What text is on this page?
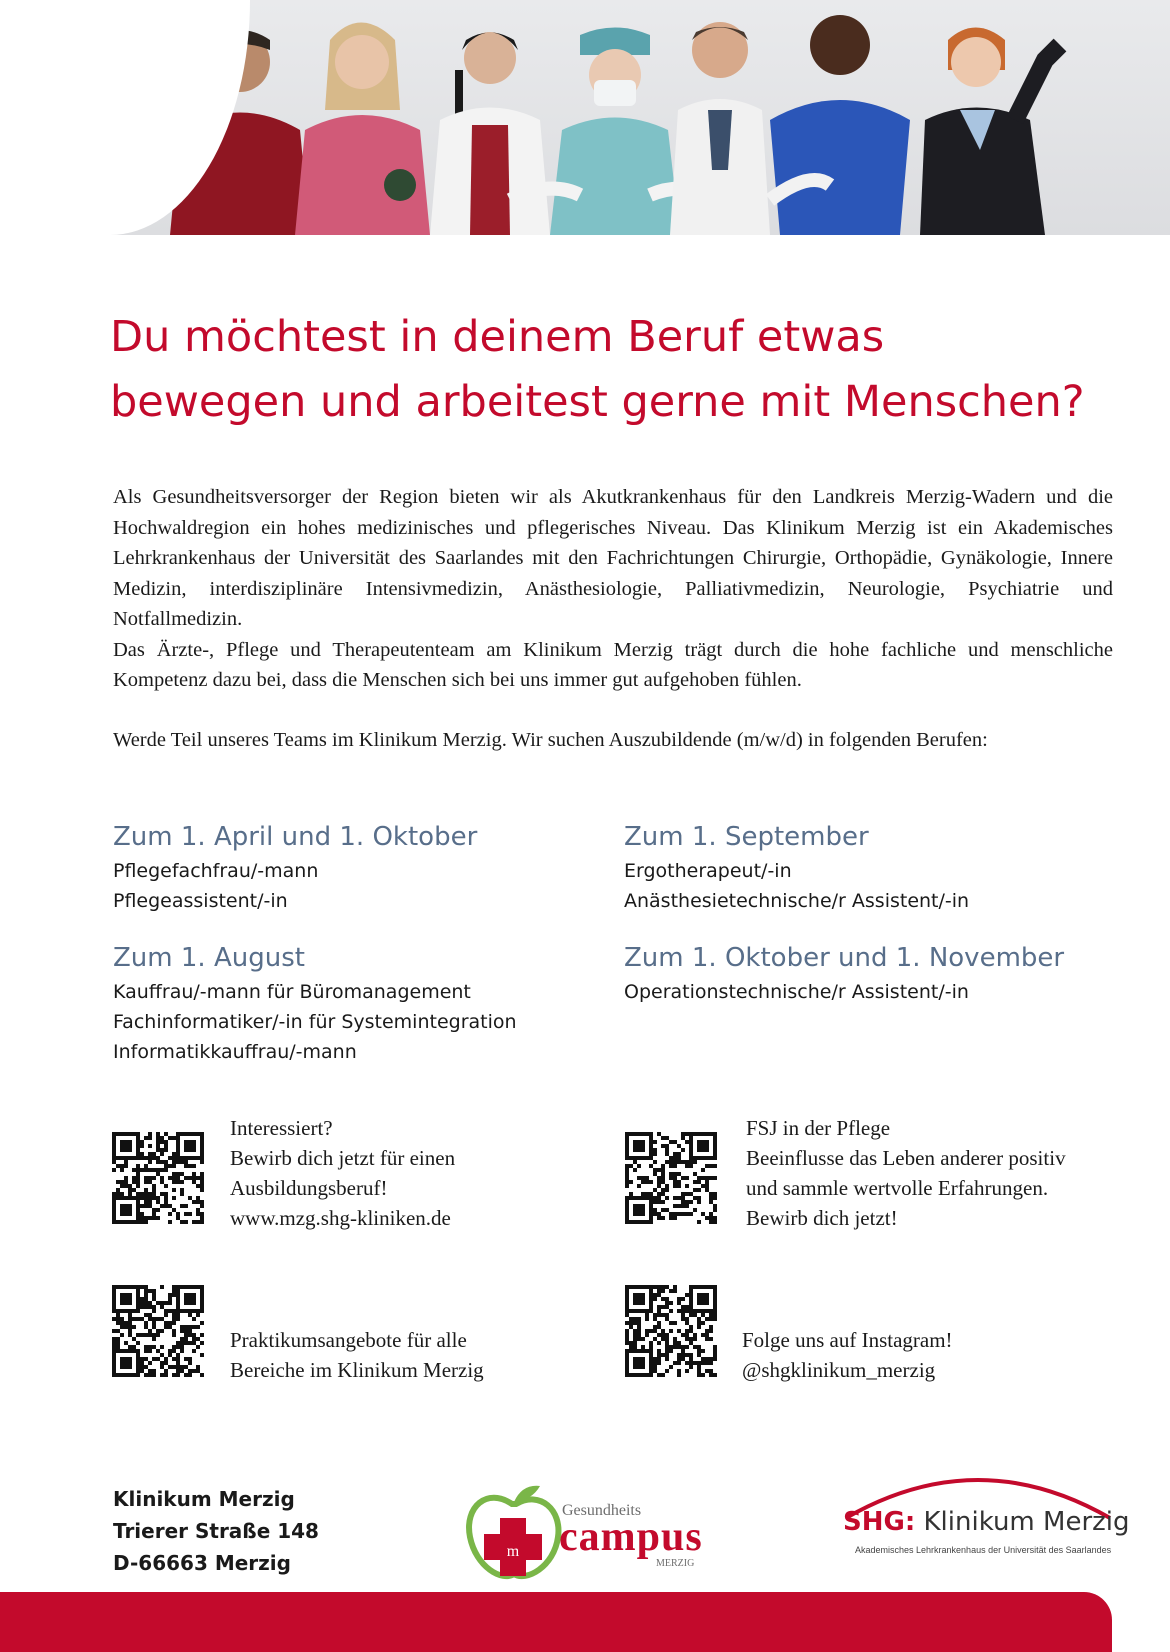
Du möchtest in deinem Beruf etwas
bewegen und arbeitest gerne mit Menschen?

Als Gesundheitsversorger der Region bieten wir als Akutkrankenhaus für den Landkreis Merzig-Wadern und die Hochwaldregion ein hohes medizinisches und pflegerisches Niveau. Das Klinikum Merzig ist ein Akademisches Lehrkrankenhaus der Universität des Saarlandes mit den Fachrichtungen Chirurgie, Orthopädie, Gynäkologie, Innere Medizin, interdisziplinäre Intensivmedizin, Anästhesiologie, Palliativmedizin, Neurologie, Psychiatrie und Notfallmedizin.

Das Ärzte-, Pflege und Therapeutenteam am Klinikum Merzig trägt durch die hohe fachliche und menschliche Kompetenz dazu bei, dass die Menschen sich bei uns immer gut aufgehoben fühlen.

Werde Teil unseres Teams im Klinikum Merzig. Wir suchen Auszubildende (m/w/d) in folgenden Berufen:

Zum 1. April und 1. Oktober
Pflegefachfrau/-mann
Pflegeassistent/-in
Zum 1. August
Kauffrau/-mann für Büromanagement
Fachinformatiker/-in für Systemintegration
Informatikkauffrau/-mann
Zum 1. September
Ergotherapeut/-in
Anästhesietechnische/r Assistent/-in
Zum 1. Oktober und 1. November
Operationstechnische/r Assistent/-in
Interessiert?
Bewirb dich jetzt für einen
Ausbildungsberuf!
www.mzg.shg-kliniken.de
FSJ in der Pflege
Beeinflusse das Leben anderer positiv
und sammle wertvolle Erfahrungen.
Bewirb dich jetzt!
Praktikumsangebote für alle
Bereiche im Klinikum Merzig
Folge uns auf Instagram!
@shgklinikum_merzig
Klinikum Merzig
Trierer Straße 148
D-66663 Merzig	m
Gesundheits
campus
MERZIG
SHG: Klinikum Merzig
Akademisches Lehrkrankenhaus der Universität des Saarlandes
